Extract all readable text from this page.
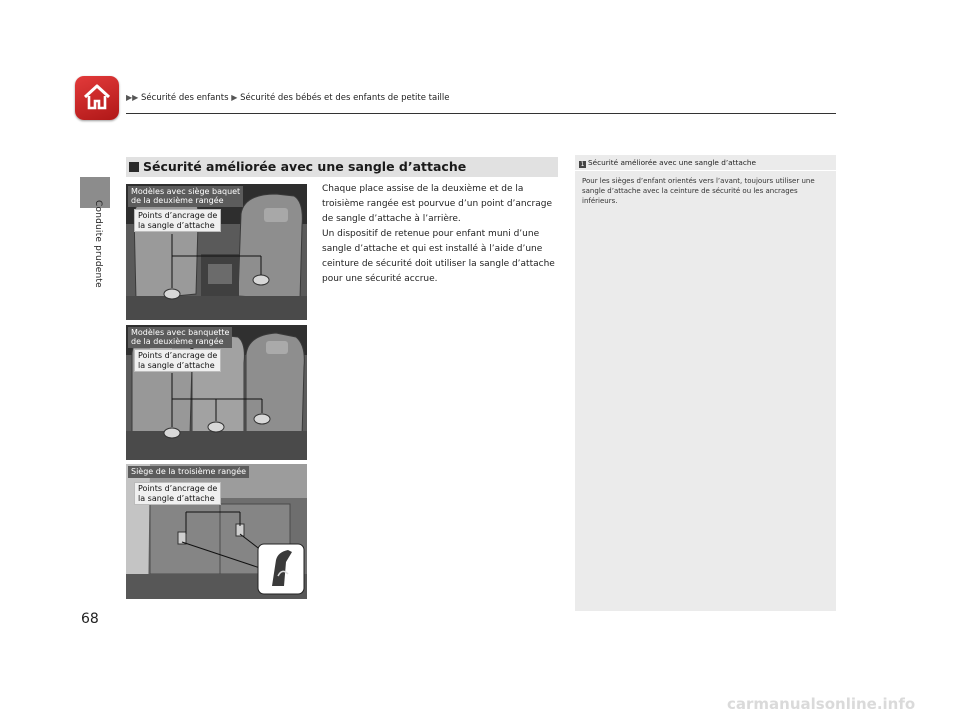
▶▶ Sécurité des enfants ▶ Sécurité des bébés et des enfants de petite taille
Conduite prudente
68
Sécurité améliorée avec une sangle d’attache

Chaque place assise de la deuxième et de la troisième rangée est pourvue d’un point d’ancrage de sangle d’attache à l’arrière.

Un dispositif de retenue pour enfant muni d’une sangle d’attache et qui est installé à l’aide d’une ceinture de sécurité doit utiliser la sangle d’attache pour une sécurité accrue.

Modèles avec siège baquet
de la deuxième rangée
Points d’ancrage de
la sangle d’attache
Modèles avec banquette
de la deuxième rangée
Points d’ancrage de
la sangle d’attache
Siège de la troisième rangée
Points d’ancrage de
la sangle d’attache
1 Sécurité améliorée avec une sangle d’attache
Pour les sièges d’enfant orientés vers l’avant, toujours utiliser une sangle d’attache avec la ceinture de sécurité ou les ancrages inférieurs.
carmanualsonline.info
